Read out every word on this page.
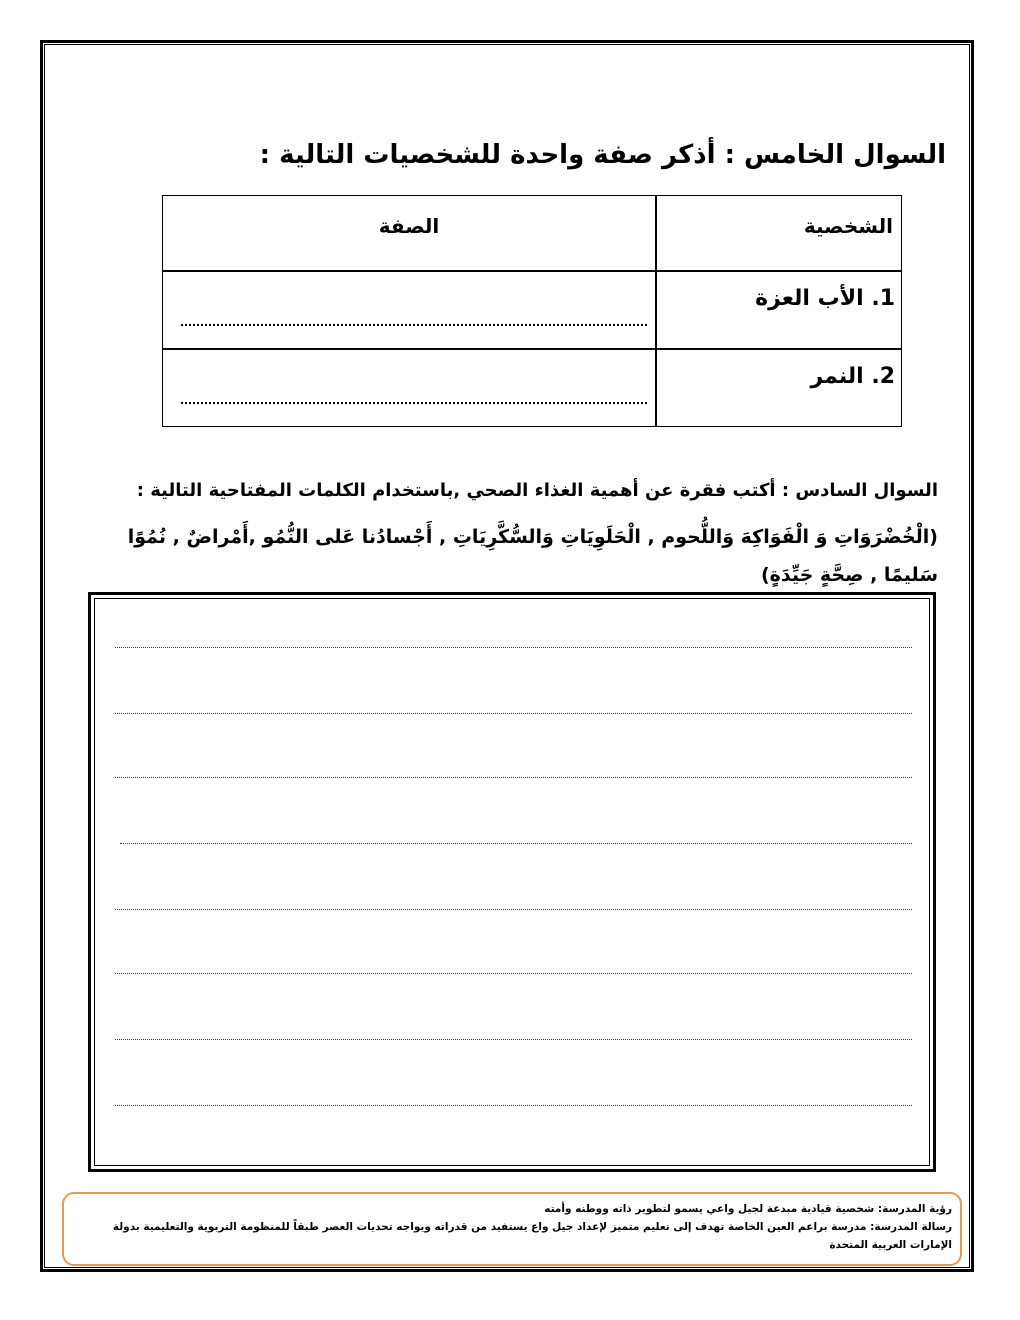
السوال الخامس : أذكر صفة واحدة للشخصيات التالية :
الشخصية
الصفة
1. الأب العزة
2. النمر
السوال السادس : أكتب فقرة عن أهمية الغذاء الصحي ,باستخدام الكلمات المفتاحية التالية :
(الْخُضْرَوَاتِ وَ الْفَوَاكِهَ وَاللُّحوم , الْحَلَوِيَاتِ وَالسُّكَّرِيَاتِ , أَجْسادُنا عَلى النُّمُو ,أَمْراضٌ , نُمُوًا سَليمًا , صِحَّةٍ جَيِّدَةٍ)
رؤية المدرسة: شخصية قيادية مبدعة لجيل واعي يسمو لتطوير ذاته ووطنه وأمته
رسالة المدرسة: مدرسة براعم العين الخاصة تهدف إلى تعليم متميز لإعداد جيل واع يستفيد من قدراته ويواجه تحديات العصر طبقاً للمنظومة التربوية والتعليمية بدولة
الإمارات العربية المتحدة
